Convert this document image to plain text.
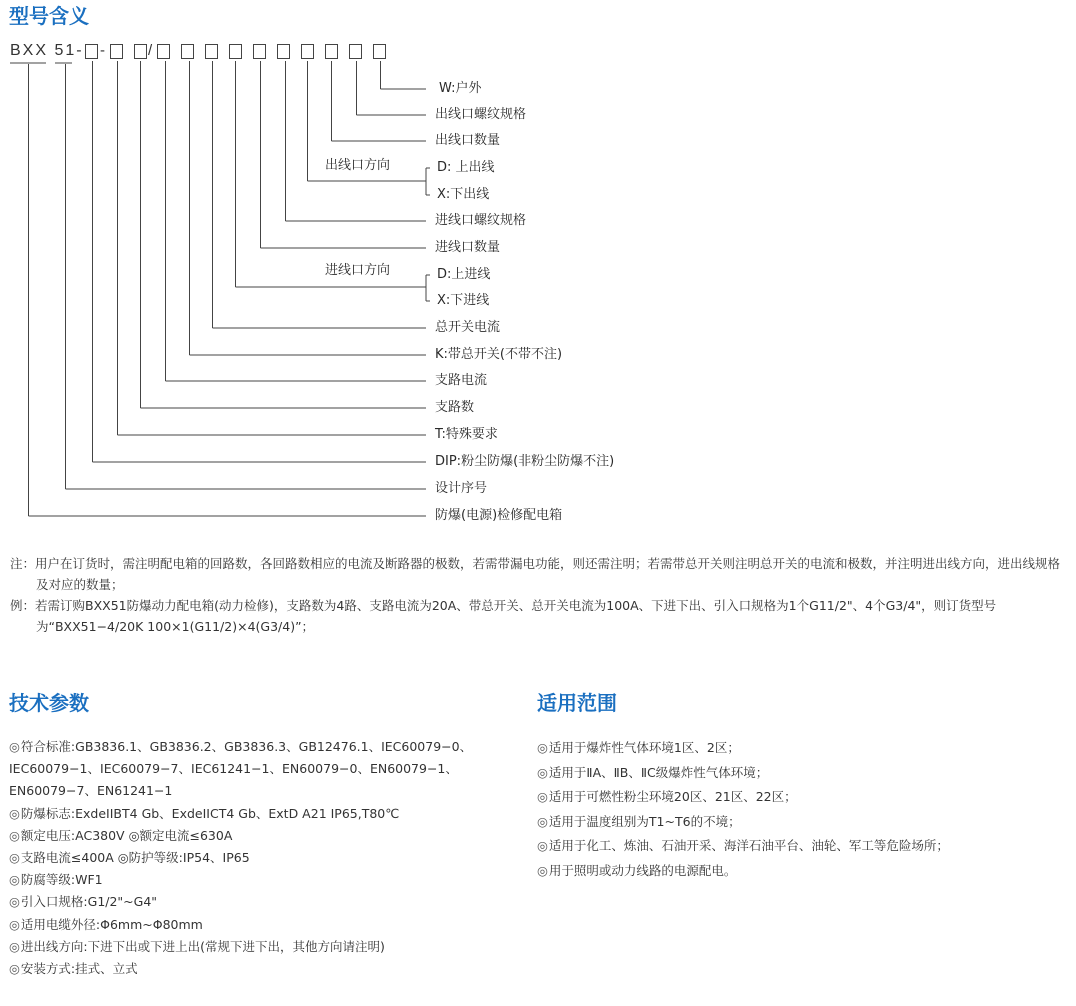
型号含义
BXX 51- -	/
W:户外
出线口螺纹规格
出线口数量
D: 上出线
X:下出线
进线口螺纹规格
进线口数量
D:上进线
X:下进线
总开关电流
K:带总开关(不带不注)
支路电流
支路数
T:特殊要求
DIP:粉尘防爆(非粉尘防爆不注)
设计序号
防爆(电源)检修配电箱
出线口方向
进线口方向

注：用户在订货时，需注明配电箱的回路数，各回路数相应的电流及断路器的极数，若需带漏电功能，则还需注明；若需带总开关则注明总开关的电流和极数，并注明进出线方向，进出线规格及对应的数量；

例：若需订购BXX51防爆动力配电箱(动力检修)，支路数为4路、支路电流为20A、带总开关、总开关电流为100A、下进下出、引入口规格为1个G11/2"、4个G3/4"，则订货型号为“BXX51−4/20K 100×1(G11/2)×4(G3/4)”；

技术参数
◎符合标准:GB3836.1、GB3836.2、GB3836.3、GB12476.1、IEC60079−0、IEC60079−1、IEC60079−7、IEC61241−1、EN60079−0、EN60079−1、EN60079−7、EN61241−1
◎防爆标志:ExdeIIBT4 Gb、ExdeIICT4 Gb、ExtD A21 IP65,T80℃
◎额定电压:AC380V ◎额定电流≤630A
◎支路电流≤400A ◎防护等级:IP54、IP65
◎防腐等级:WF1
◎引入口规格:G1/2"~G4"
◎适用电缆外径:Φ6mm~Φ80mm
◎进出线方向:下进下出或下进上出(常规下进下出，其他方向请注明)
◎安装方式:挂式、立式
适用范围
◎适用于爆炸性气体环境1区、2区；
◎适用于ⅡA、ⅡB、ⅡC级爆炸性气体环境；
◎适用于可燃性粉尘环境20区、21区、22区；
◎适用于温度组别为T1~T6的不境；
◎适用于化工、炼油、石油开采、海洋石油平台、油轮、军工等危险场所；
◎用于照明或动力线路的电源配电。
